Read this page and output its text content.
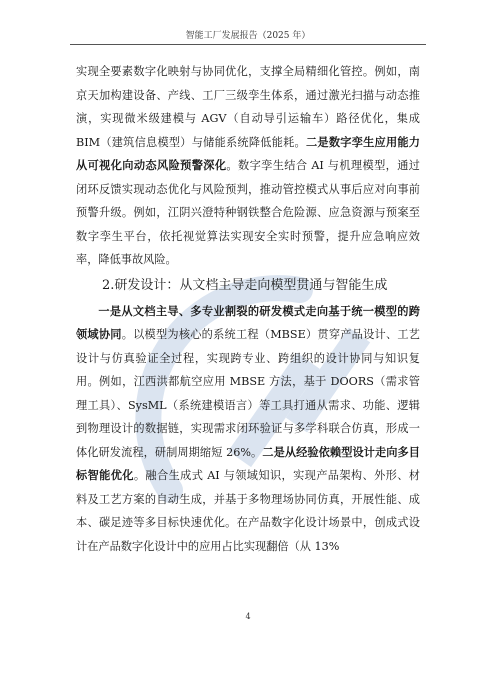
智能工厂发展报告（2025 年）

实现全要素数字化映射与协同优化，支撑全局精细化管控。例如，南京天加构建设备、产线、工厂三级孪生体系，通过激光扫描与动态推演，实现微米级建模与 AGV（自动导引运输车）路径优化，集成 BIM（建筑信息模型）与储能系统降低能耗。二是数字孪生应用能力从可视化向动态风险预警深化。数字孪生结合 AI 与机理模型，通过闭环反馈实现动态优化与风险预判，推动管控模式从事后应对向事前预警升级。例如，江阴兴澄特种钢铁整合危险源、应急资源与预案至数字孪生平台，依托视觉算法实现安全实时预警，提升应急响应效率，降低事故风险。

2.研发设计：从文档主导走向模型贯通与智能生成

一是从文档主导、多专业割裂的研发模式走向基于统一模型的跨领域协同。以模型为核心的系统工程（MBSE）贯穿产品设计、工艺设计与仿真验证全过程，实现跨专业、跨组织的设计协同与知识复用。例如，江西洪都航空应用 MBSE 方法，基于 DOORS（需求管理工具）、SysML（系统建模语言）等工具打通从需求、功能、逻辑到物理设计的数据链，实现需求闭环验证与多学科联合仿真，形成一体化研发流程，研制周期缩短 26%。二是从经验依赖型设计走向多目标智能优化。融合生成式 AI 与领域知识，实现产品架构、外形、材料及工艺方案的自动生成，并基于多物理场协同仿真，开展性能、成本、碳足迹等多目标快速优化。在产品数字化设计场景中，创成式设计在产品数字化设计中的应用占比实现翻倍（从 13%

4
